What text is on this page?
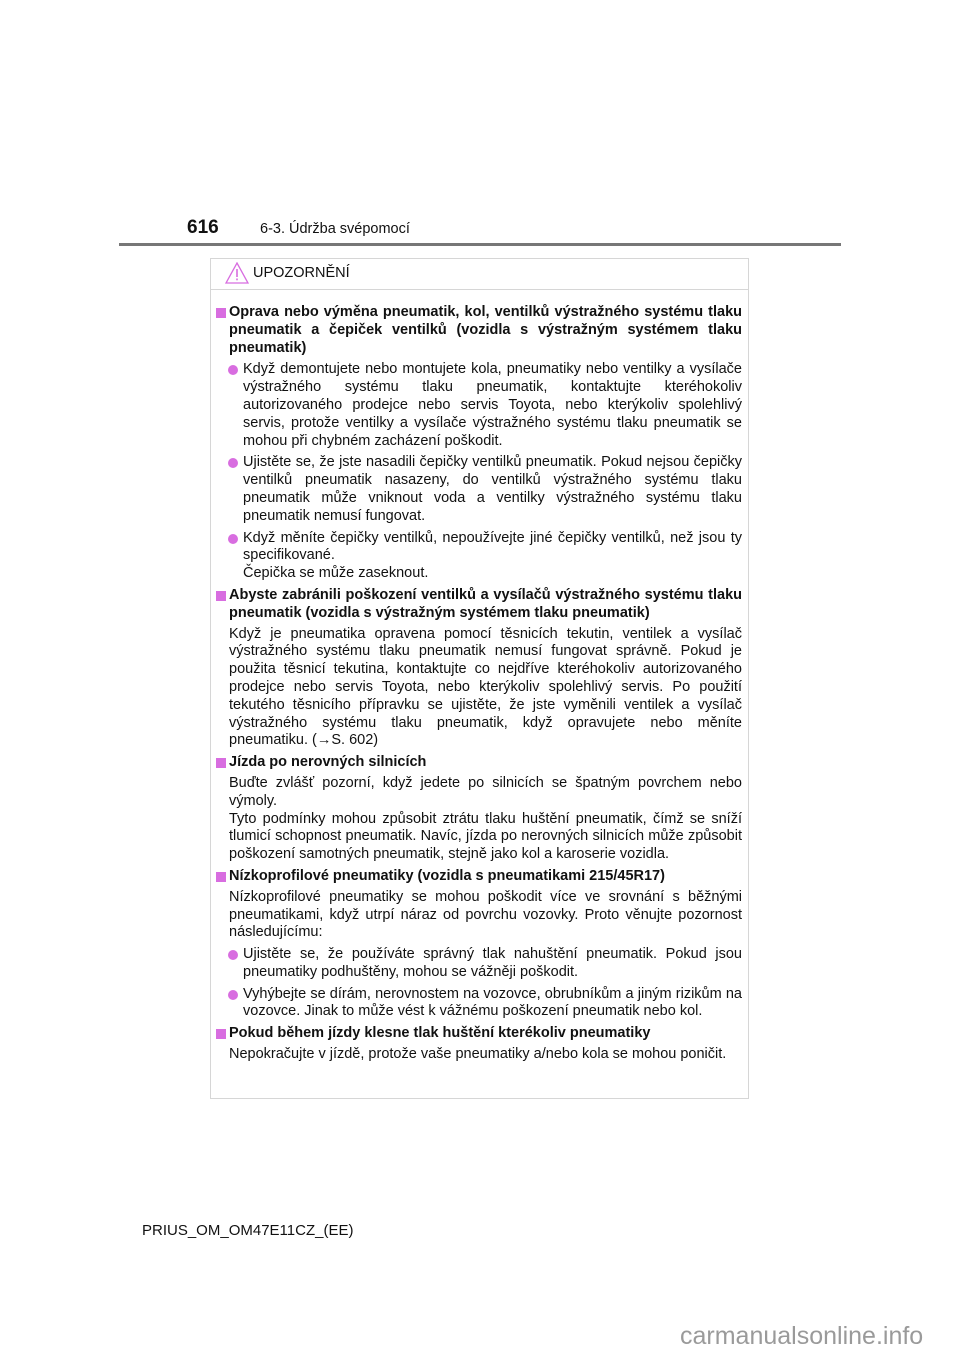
616	6-3. Údržba svépomocí
UPOZORNĚNÍ
Oprava nebo výměna pneumatik, kol, ventilků výstražného systému tlaku pneumatik a čepiček ventilků (vozidla s výstražným systémem tlaku pneumatik)
Když demontujete nebo montujete kola, pneumatiky nebo ventilky a vysílače výstražného systému tlaku pneumatik, kontaktujte kteréhokoliv autorizovaného prodejce nebo servis Toyota, nebo kterýkoliv spolehlivý servis, protože ventilky a vysílače výstražného systému tlaku pneumatik se mohou při chybném zacházení poškodit.
Ujistěte se, že jste nasadili čepičky ventilků pneumatik. Pokud nejsou čepičky ventilků pneumatik nasazeny, do ventilků výstražného systému tlaku pneumatik může vniknout voda a ventilky výstražného systému tlaku pneumatik nemusí fungovat.
Když měníte čepičky ventilků, nepoužívejte jiné čepičky ventilků, než jsou ty specifikované.
Čepička se může zaseknout.
Abyste zabránili poškození ventilků a vysílačů výstražného systému tlaku pneumatik (vozidla s výstražným systémem tlaku pneumatik)
Když je pneumatika opravena pomocí těsnicích tekutin, ventilek a vysílač výstražného systému tlaku pneumatik nemusí fungovat správně. Pokud je použita těsnicí tekutina, kontaktujte co nejdříve kteréhokoliv autorizovaného prodejce nebo servis Toyota, nebo kterýkoliv spolehlivý servis. Po použití tekutého těsnicího přípravku se ujistěte, že jste vyměnili ventilek a vysílač výstražného systému tlaku pneumatik, když opravujete nebo měníte pneumatiku. (→S. 602)
Jízda po nerovných silnicích
Buďte zvlášť pozorní, když jedete po silnicích se špatným povrchem nebo výmoly.
Tyto podmínky mohou způsobit ztrátu tlaku huštění pneumatik, čímž se sníží tlumicí schopnost pneumatik. Navíc, jízda po nerovných silnicích může způsobit poškození samotných pneumatik, stejně jako kol a karoserie vozidla.
Nízkoprofilové pneumatiky (vozidla s pneumatikami 215/45R17)
Nízkoprofilové pneumatiky se mohou poškodit více ve srovnání s běžnými pneumatikami, když utrpí náraz od povrchu vozovky. Proto věnujte pozornost následujícímu:
Ujistěte se, že používáte správný tlak nahuštění pneumatik. Pokud jsou pneumatiky podhuštěny, mohou se vážněji poškodit.
Vyhýbejte se dírám, nerovnostem na vozovce, obrubníkům a jiným rizikům na vozovce. Jinak to může vést k vážnému poškození pneumatik nebo kol.
Pokud během jízdy klesne tlak huštění kterékoliv pneumatiky
Nepokračujte v jízdě, protože vaše pneumatiky a/nebo kola se mohou poničit.
PRIUS_OM_OM47E11CZ_(EE)
carmanualsonline.info
